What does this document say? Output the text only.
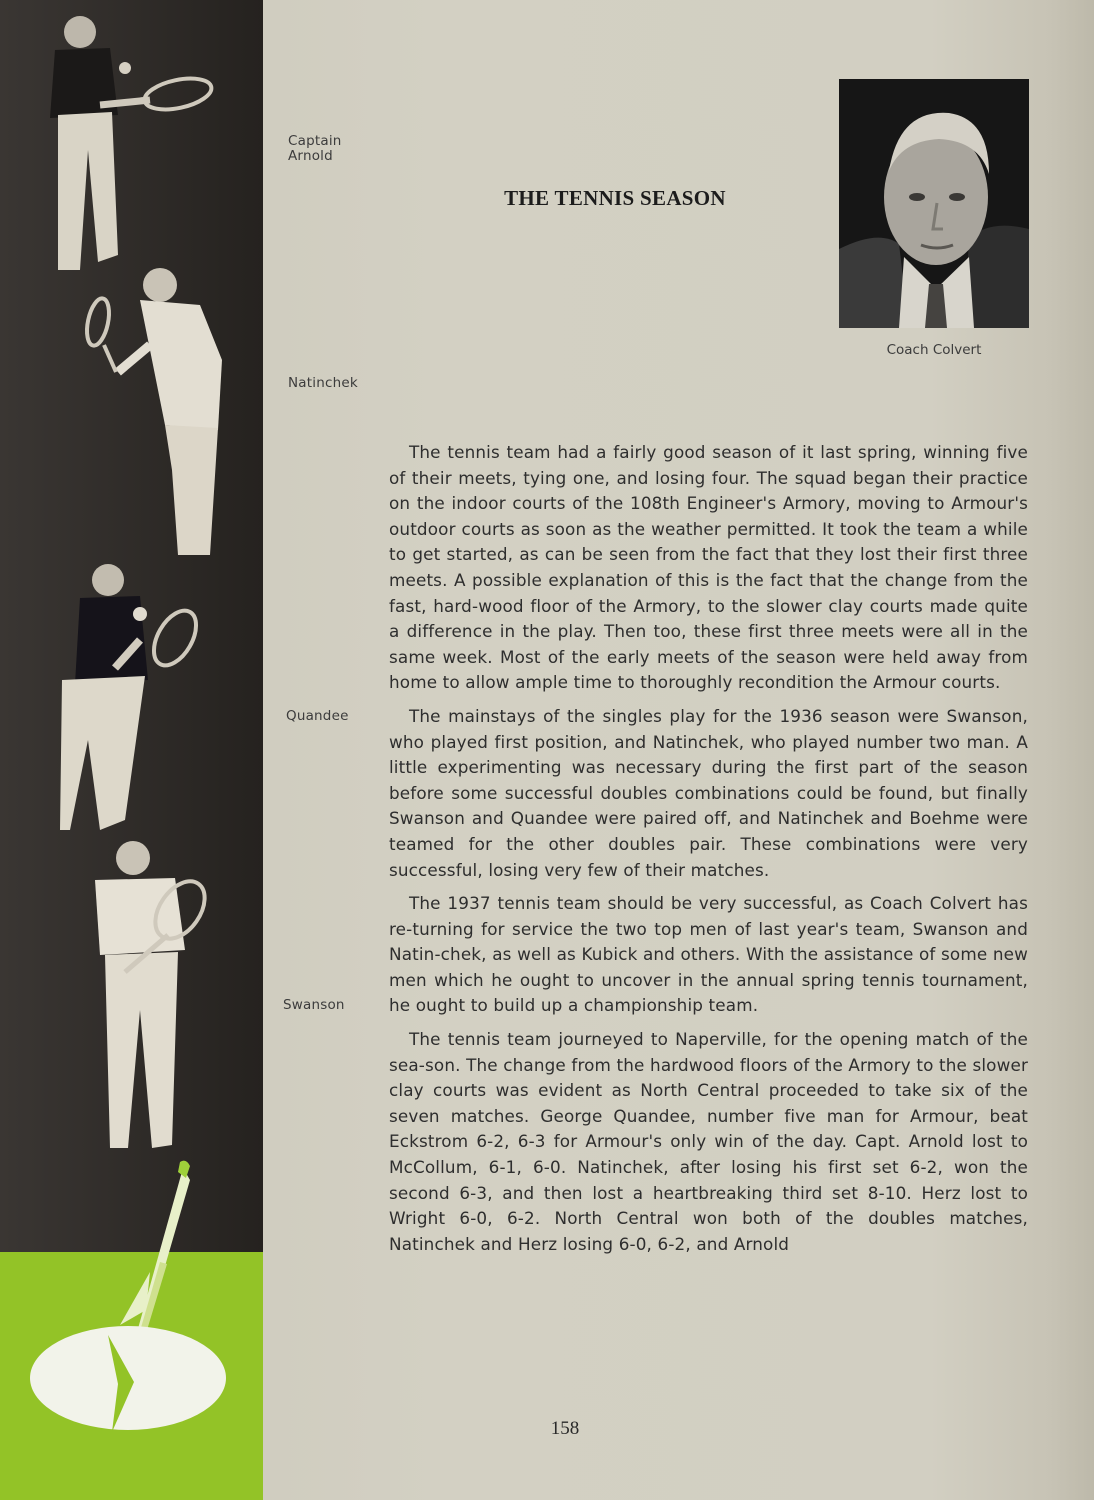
Captain
Arnold
Natinchek
Quandee
Swanson
THE TENNIS SEASON
Coach Colvert

The tennis team had a fairly good season of it last spring, winning five of their meets, tying one, and losing four. The squad began their practice on the indoor courts of the 108th Engineer's Armory, moving to Armour's outdoor courts as soon as the weather permitted. It took the team a while to get started, as can be seen from the fact that they lost their first three meets. A possible explanation of this is the fact that the change from the fast, hard-wood floor of the Armory, to the slower clay courts made quite a difference in the play. Then too, these first three meets were all in the same week. Most of the early meets of the season were held away from home to allow ample time to thoroughly recondition the Armour courts.

The mainstays of the singles play for the 1936 season were Swanson, who played first position, and Natinchek, who played number two man. A little experimenting was necessary during the first part of the season before some successful doubles combinations could be found, but finally Swanson and Quandee were paired off, and Natinchek and Boehme were teamed for the other doubles pair. These combinations were very successful, losing very few of their matches.

The 1937 tennis team should be very successful, as Coach Colvert has re-turning for service the two top men of last year's team, Swanson and Natin-chek, as well as Kubick and others. With the assistance of some new men which he ought to uncover in the annual spring tennis tournament, he ought to build up a championship team.

The tennis team journeyed to Naperville, for the opening match of the sea-son. The change from the hardwood floors of the Armory to the slower clay courts was evident as North Central proceeded to take six of the seven matches. George Quandee, number five man for Armour, beat Eckstrom 6-2, 6-3 for Armour's only win of the day. Capt. Arnold lost to McCollum, 6-1, 6-0. Natinchek, after losing his first set 6-2, won the second 6-3, and then lost a heartbreaking third set 8-10. Herz lost to Wright 6-0, 6-2. North Central won both of the doubles matches, Natinchek and Herz losing 6-0, 6-2, and Arnold

158
